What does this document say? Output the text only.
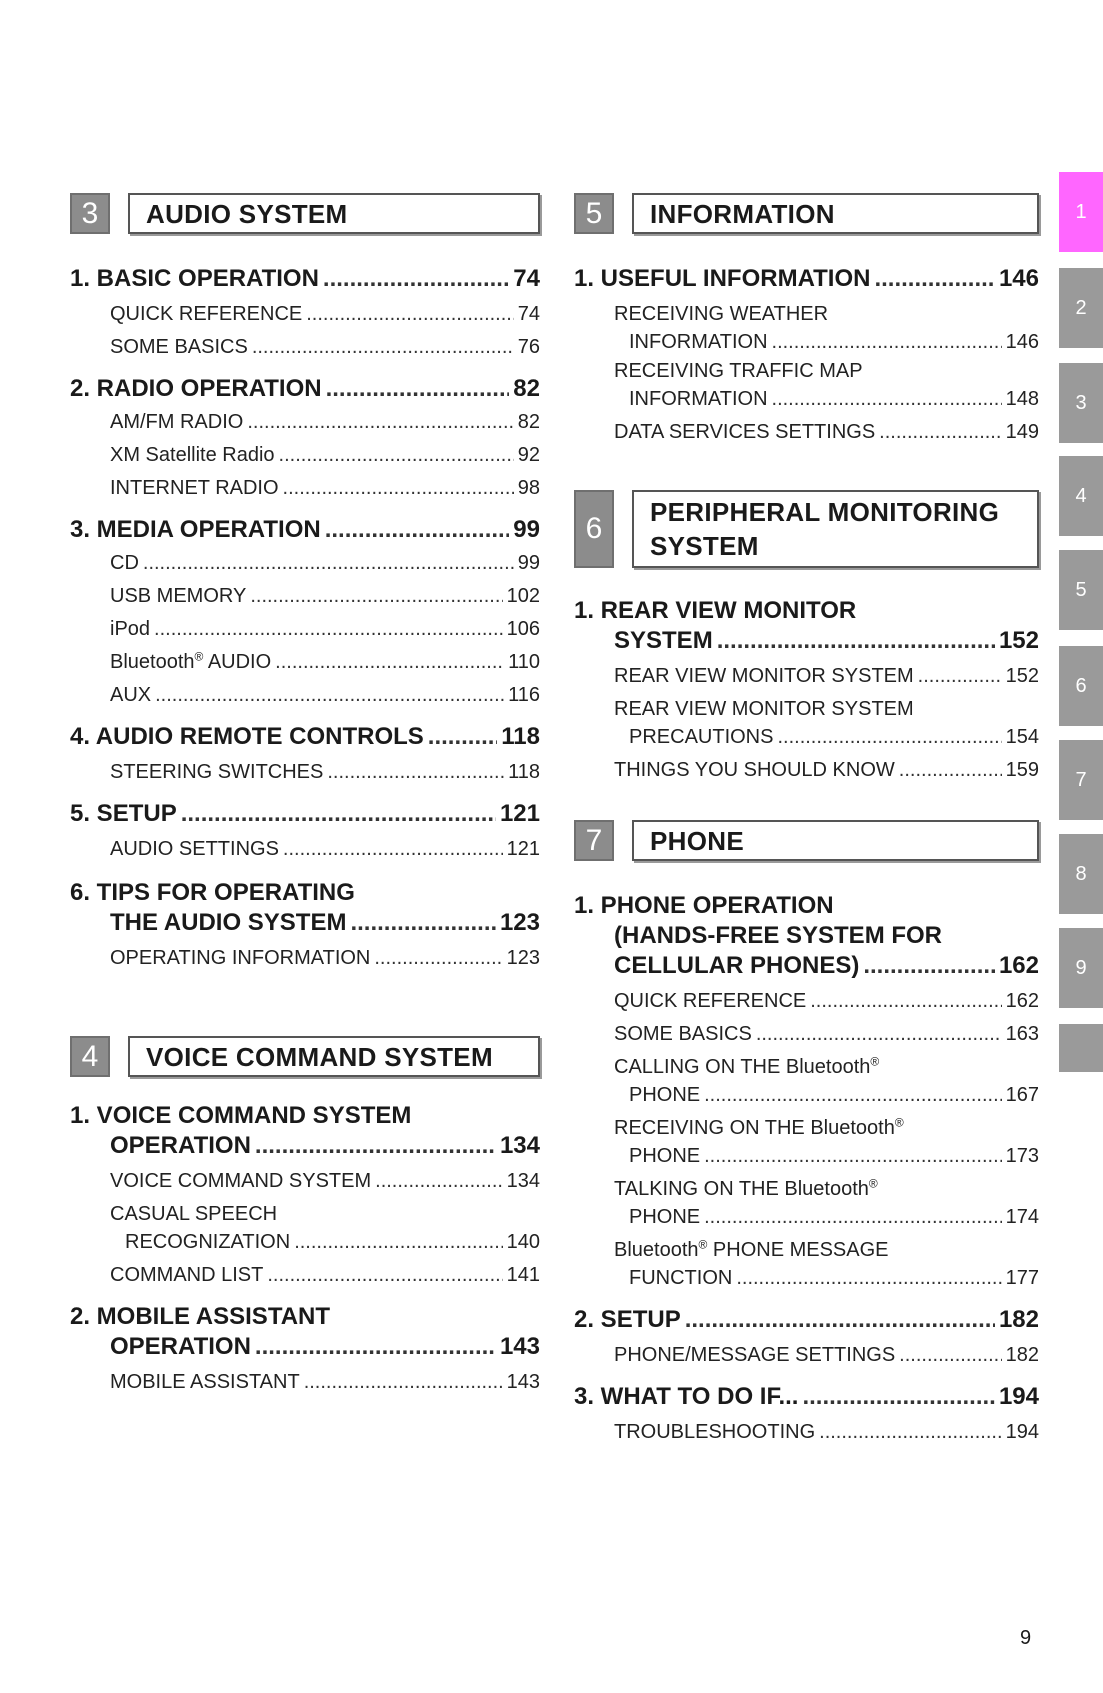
3	AUDIO SYSTEM
1. BASIC OPERATION .....	74
QUICK REFERENCE .....	74
SOME BASICS .....	76
2. RADIO OPERATION .....	82
AM/FM RADIO .....	82
XM Satellite Radio .....	92
INTERNET RADIO .....	98
3. MEDIA OPERATION .....	99
CD .....	99
USB MEMORY .....	102
iPod .....	106
Bluetooth® AUDIO .....	110
AUX .....	116
4. AUDIO REMOTE CONTROLS .....	118
STEERING SWITCHES .....	118
5. SETUP .....	121
AUDIO SETTINGS .....	121
6. TIPS FOR OPERATING
THE AUDIO SYSTEM .....	123
OPERATING INFORMATION .....	123
4	VOICE COMMAND SYSTEM
1. VOICE COMMAND SYSTEM
OPERATION .....	134
VOICE COMMAND SYSTEM .....	134
CASUAL SPEECH
RECOGNIZATION .....	140
COMMAND LIST .....	141
2. MOBILE ASSISTANT
OPERATION .....	143
MOBILE ASSISTANT .....	143
5	INFORMATION
1. USEFUL INFORMATION .....	146
RECEIVING WEATHER
INFORMATION .....	146
RECEIVING TRAFFIC MAP
INFORMATION .....	148
DATA SERVICES SETTINGS .....	149
6	PERIPHERAL MONITORING
SYSTEM
1. REAR VIEW MONITOR
SYSTEM .....	152
REAR VIEW MONITOR SYSTEM .....	152
REAR VIEW MONITOR SYSTEM
PRECAUTIONS .....	154
THINGS YOU SHOULD KNOW .....	159
7	PHONE
1. PHONE OPERATION
(HANDS-FREE SYSTEM FOR
CELLULAR PHONES) .....	162
QUICK REFERENCE .....	162
SOME BASICS .....	163
CALLING ON THE Bluetooth®
PHONE .....	167
RECEIVING ON THE Bluetooth®
PHONE .....	173
TALKING ON THE Bluetooth®
PHONE .....	174
Bluetooth® PHONE MESSAGE
FUNCTION .....	177
2. SETUP .....	182
PHONE/MESSAGE SETTINGS .....	182
3. WHAT TO DO IF... .....	194
TROUBLESHOOTING .....	194
1
2
3
4
5
6
7
8
9
9
